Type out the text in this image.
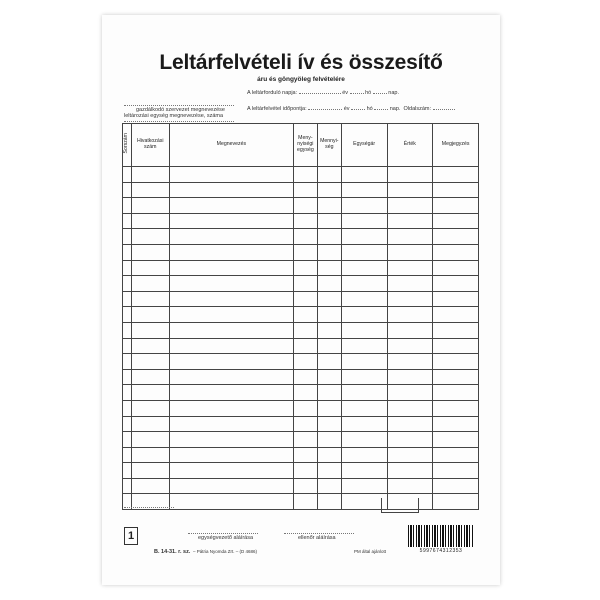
Leltárfelvételi ív és összesítő
áru és göngyöleg felvételére
gazdálkodó szervezet megnevezése
A leltárforduló napja:	év	hó	nap.
A leltárfelvétel időpontja:	év	hó	nap. Oldalszám:
leltározási egység megnevezése, száma
Sorszám	Hivatkozási szám	Megnevezés	Meny-nyiségi egység	Mennyi-ség	Egységár	Érték	Megjegyzés

egységvezető aláírása	ellenőr aláírása
1
B. 14-31. r. sz. – Pátria Nyomda Zrt. – (D 4686)	PM által ajánlott	5997674312353
